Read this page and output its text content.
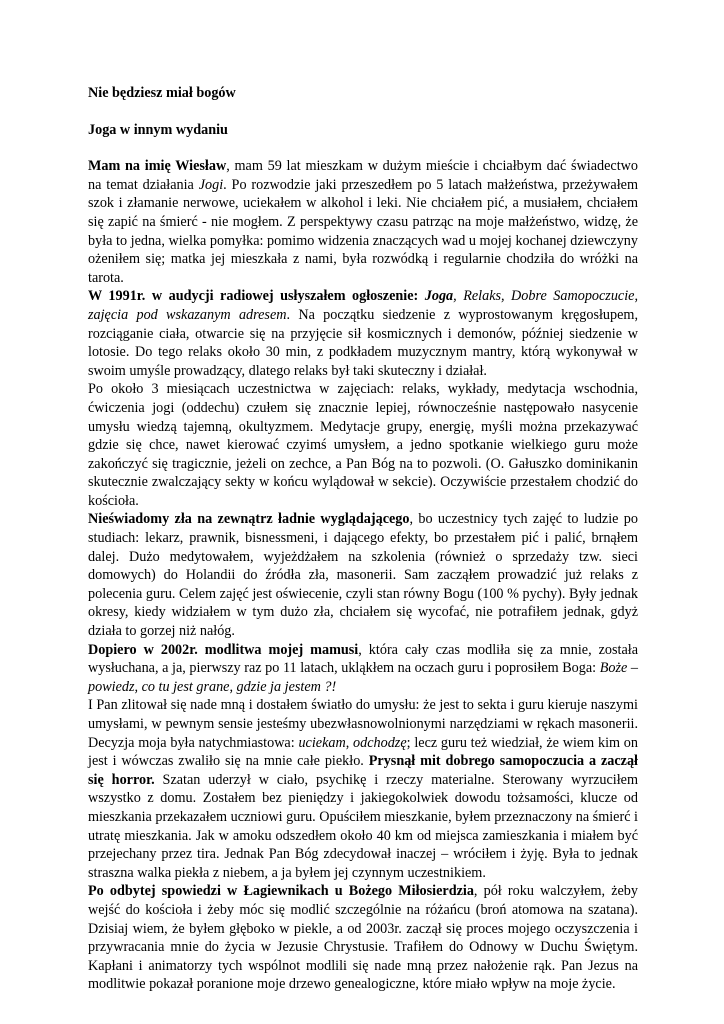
Nie będziesz miał bogów

Joga w innym wydaniu

Mam na imię Wiesław, mam 59 lat mieszkam w dużym mieście i chciałbym dać świadectwo na temat działania Jogi. Po rozwodzie jaki przeszedłem po 5 latach małżeństwa, przeżywałem szok i złamanie nerwowe, uciekałem w alkohol i leki. Nie chciałem pić, a musiałem, chciałem się zapić na śmierć - nie mogłem. Z perspektywy czasu patrząc na moje małżeństwo, widzę, że była to jedna, wielka pomyłka: pomimo widzenia znaczących wad u mojej kochanej dziewczyny ożeniłem się; matka jej mieszkała z nami, była rozwódką i regularnie chodziła do wróżki na tarota.

W 1991r. w audycji radiowej usłyszałem ogłoszenie: Joga, Relaks, Dobre Samopoczucie, zajęcia pod wskazanym adresem. Na początku siedzenie z wyprostowanym kręgosłupem, rozciąganie ciała, otwarcie się na przyjęcie sił kosmicznych i demonów, później siedzenie w lotosie. Do tego relaks około 30 min, z podkładem muzycznym mantry, którą wykonywał w swoim umyśle prowadzący, dlatego relaks był taki skuteczny i działał.

Po około 3 miesiącach uczestnictwa w zajęciach: relaks, wykłady, medytacja wschodnia, ćwiczenia jogi (oddechu) czułem się znacznie lepiej, równocześnie następowało nasycenie umysłu wiedzą tajemną, okultyzmem. Medytacje grupy, energię, myśli można przekazywać gdzie się chce, nawet kierować czyimś umysłem, a jedno spotkanie wielkiego guru może zakończyć się tragicznie, jeżeli on zechce, a Pan Bóg na to pozwoli. (O. Gałuszko dominikanin skutecznie zwalczający sekty w końcu wylądował w sekcie). Oczywiście przestałem chodzić do kościoła.

Nieświadomy zła na zewnątrz ładnie wyglądającego, bo uczestnicy tych zajęć to ludzie po studiach: lekarz, prawnik, bisnessmeni, i dającego efekty, bo przestałem pić i palić, brnąłem dalej. Dużo medytowałem, wyjeżdżałem na szkolenia (również o sprzedaży tzw. sieci domowych) do Holandii do źródła zła, masonerii. Sam zacząłem prowadzić już relaks z polecenia guru. Celem zajęć jest oświecenie, czyli stan równy Bogu (100 % pychy). Były jednak okresy, kiedy widziałem w tym dużo zła, chciałem się wycofać, nie potrafiłem jednak, gdyż działa to gorzej niż nałóg.

Dopiero w 2002r. modlitwa mojej mamusi, która cały czas modliła się za mnie, została wysłuchana, a ja, pierwszy raz po 11 latach, ukląkłem na oczach guru i poprosiłem Boga: Boże – powiedz, co tu jest grane, gdzie ja jestem ?!

I Pan zlitował się nade mną i dostałem światło do umysłu: że jest to sekta i guru kieruje naszymi umysłami, w pewnym sensie jesteśmy ubezwłasnowolnionymi narzędziami w rękach masonerii. Decyzja moja była natychmiastowa: uciekam, odchodzę; lecz guru też wiedział, że wiem kim on jest i wówczas zwaliło się na mnie całe piekło. Prysnął mit dobrego samopoczucia a zaczął się horror. Szatan uderzył w ciało, psychikę i rzeczy materialne. Sterowany wyrzuciłem wszystko z domu. Zostałem bez pieniędzy i jakiegokolwiek dowodu tożsamości, klucze od mieszkania przekazałem uczniowi guru. Opuściłem mieszkanie, byłem przeznaczony na śmierć i utratę mieszkania. Jak w amoku odszedłem około 40 km od miejsca zamieszkania i miałem być przejechany przez tira. Jednak Pan Bóg zdecydował inaczej – wróciłem i żyję. Była to jednak straszna walka piekła z niebem, a ja byłem jej czynnym uczestnikiem.

Po odbytej spowiedzi w Łagiewnikach u Bożego Miłosierdzia, pół roku walczyłem, żeby wejść do kościoła i żeby móc się modlić szczególnie na różańcu (broń atomowa na szatana). Dzisiaj wiem, że byłem głęboko w piekle, a od 2003r. zaczął się proces mojego oczyszczenia i przywracania mnie do życia w Jezusie Chrystusie. Trafiłem do Odnowy w Duchu Świętym. Kapłani i animatorzy tych wspólnot modlili się nade mną przez nałożenie rąk. Pan Jezus na modlitwie pokazał poranione moje drzewo genealogiczne, które miało wpływ na moje życie.
